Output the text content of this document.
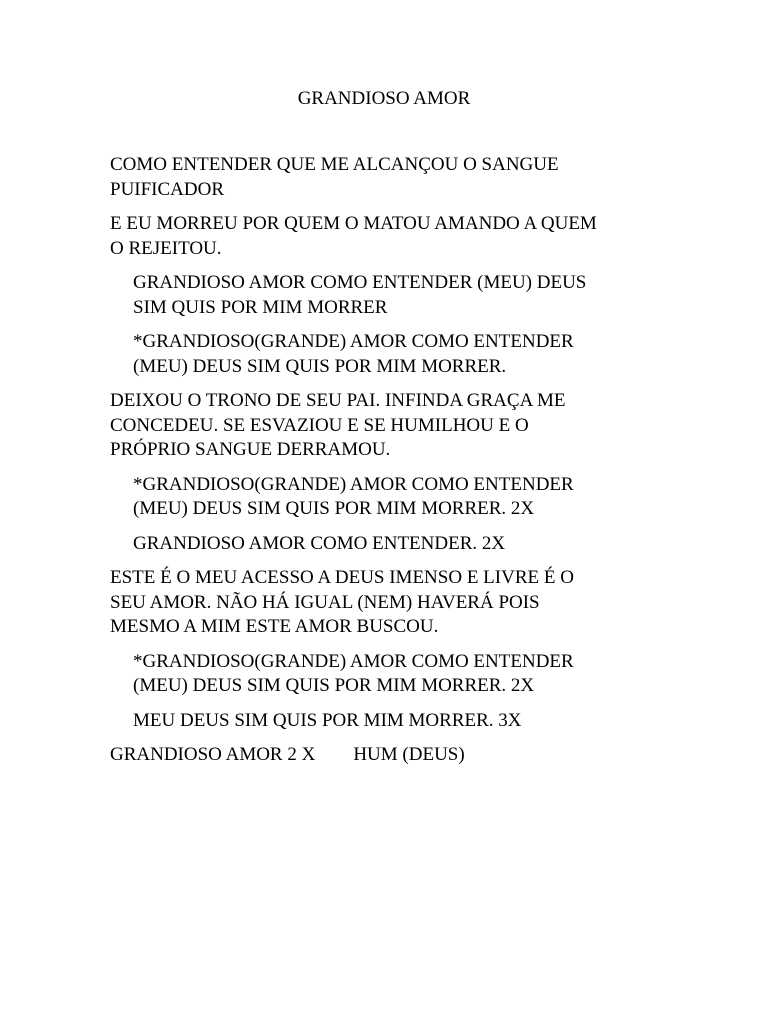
GRANDIOSO AMOR

COMO ENTENDER QUE ME ALCANÇOU O SANGUE
PUIFICADOR

E EU MORREU POR QUEM O MATOU AMANDO A QUEM
O REJEITOU.

GRANDIOSO AMOR COMO ENTENDER (MEU) DEUS
SIM QUIS POR MIM MORRER

*GRANDIOSO(GRANDE) AMOR COMO ENTENDER
(MEU) DEUS SIM QUIS POR MIM MORRER.

DEIXOU O TRONO DE SEU PAI. INFINDA GRAÇA ME
CONCEDEU. SE ESVAZIOU E SE HUMILHOU E O
PRÓPRIO SANGUE DERRAMOU.

*GRANDIOSO(GRANDE) AMOR COMO ENTENDER
(MEU) DEUS SIM QUIS POR MIM MORRER. 2X

GRANDIOSO AMOR COMO ENTENDER. 2X

ESTE É O MEU ACESSO A DEUS IMENSO E LIVRE É O
SEU AMOR. NÃO HÁ IGUAL (NEM) HAVERÁ POIS
MESMO A MIM ESTE AMOR BUSCOU.

*GRANDIOSO(GRANDE) AMOR COMO ENTENDER
(MEU) DEUS SIM QUIS POR MIM MORRER. 2X

MEU DEUS SIM QUIS POR MIM MORRER. 3X

GRANDIOSO AMOR 2 X HUM (DEUS)
